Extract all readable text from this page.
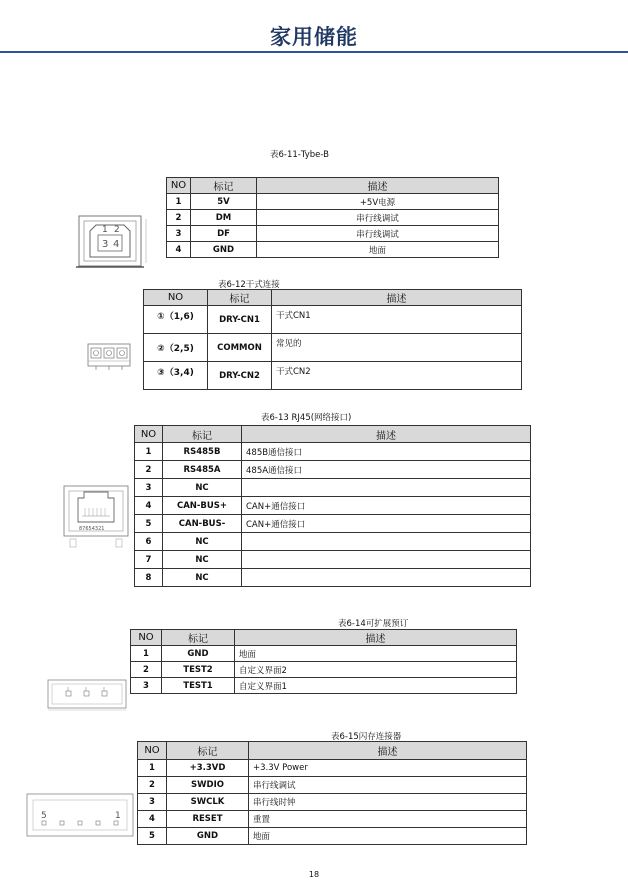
家用储能
表6-11-Tybe-B
NO	标记	描述
1	5V	+5V电源
2	DM	串行线调试
3	DF	串行线调试
4	GND	地面
1 2
3 4
表6-12干式连接
NO	标记	描述
①（1,6)	DRY-CN1	干式CN1
②（2,5)	COMMON	常见的
③（3,4)	DRY-CN2	干式CN2
表6-13 RJ45(网络接口)
NO	标记	描述
1	RS485B	485B通信接口
2	RS485A	485A通信接口
3	NC	
4	CAN-BUS+	CAN+通信接口
5	CAN-BUS-	CAN+通信接口
6	NC	
7	NC	
8	NC	
87654321
表6-14可扩展预订
NO	标记	描述
1	GND	地面
2	TEST2	自定义界面2
3	TEST1	自定义界面1
表6-15闪存连接器
NO	标记	描述
1	+3.3VD	+3.3V Power
2	SWDIO	串行线调试
3	SWCLK	串行线时钟
4	RESET	重置
5	GND	地面
5	1
18
